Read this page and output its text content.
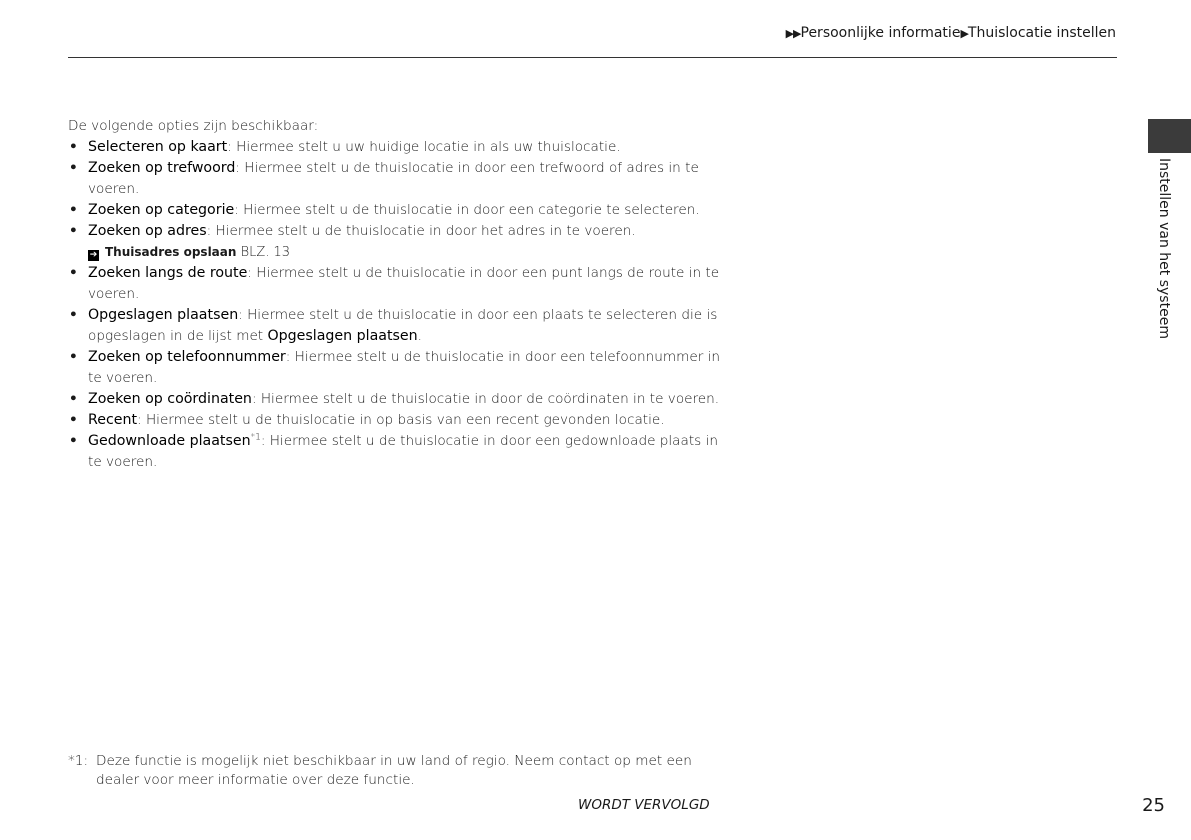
▶▶Persoonlijke informatie▶Thuislocatie instellen

De volgende opties zijn beschikbaar:

• Selecteren op kaart: Hiermee stelt u uw huidige locatie in als uw thuislocatie.
• Zoeken op trefwoord: Hiermee stelt u de thuislocatie in door een trefwoord of adres in te voeren.
• Zoeken op categorie: Hiermee stelt u de thuislocatie in door een categorie te selecteren.
• Zoeken op adres: Hiermee stelt u de thuislocatie in door het adres in te voeren.
➔ Thuisadres opslaan BLZ. 13
• Zoeken langs de route: Hiermee stelt u de thuislocatie in door een punt langs de route in te voeren.
• Opgeslagen plaatsen: Hiermee stelt u de thuislocatie in door een plaats te selecteren die is opgeslagen in de lijst met Opgeslagen plaatsen.
• Zoeken op telefoonnummer: Hiermee stelt u de thuislocatie in door een telefoonnummer in te voeren.
• Zoeken op coördinaten: Hiermee stelt u de thuislocatie in door de coördinaten in te voeren.
• Recent: Hiermee stelt u de thuislocatie in op basis van een recent gevonden locatie.
• Gedownloade plaatsen$^{*1}$: Hiermee stelt u de thuislocatie in door een gedownloade plaats in te voeren.
Instellen van het systeem
*1: Deze functie is mogelijk niet beschikbaar in uw land of regio. Neem contact op met een dealer voor meer informatie over deze functie.
WORDT VERVOLGD	25
